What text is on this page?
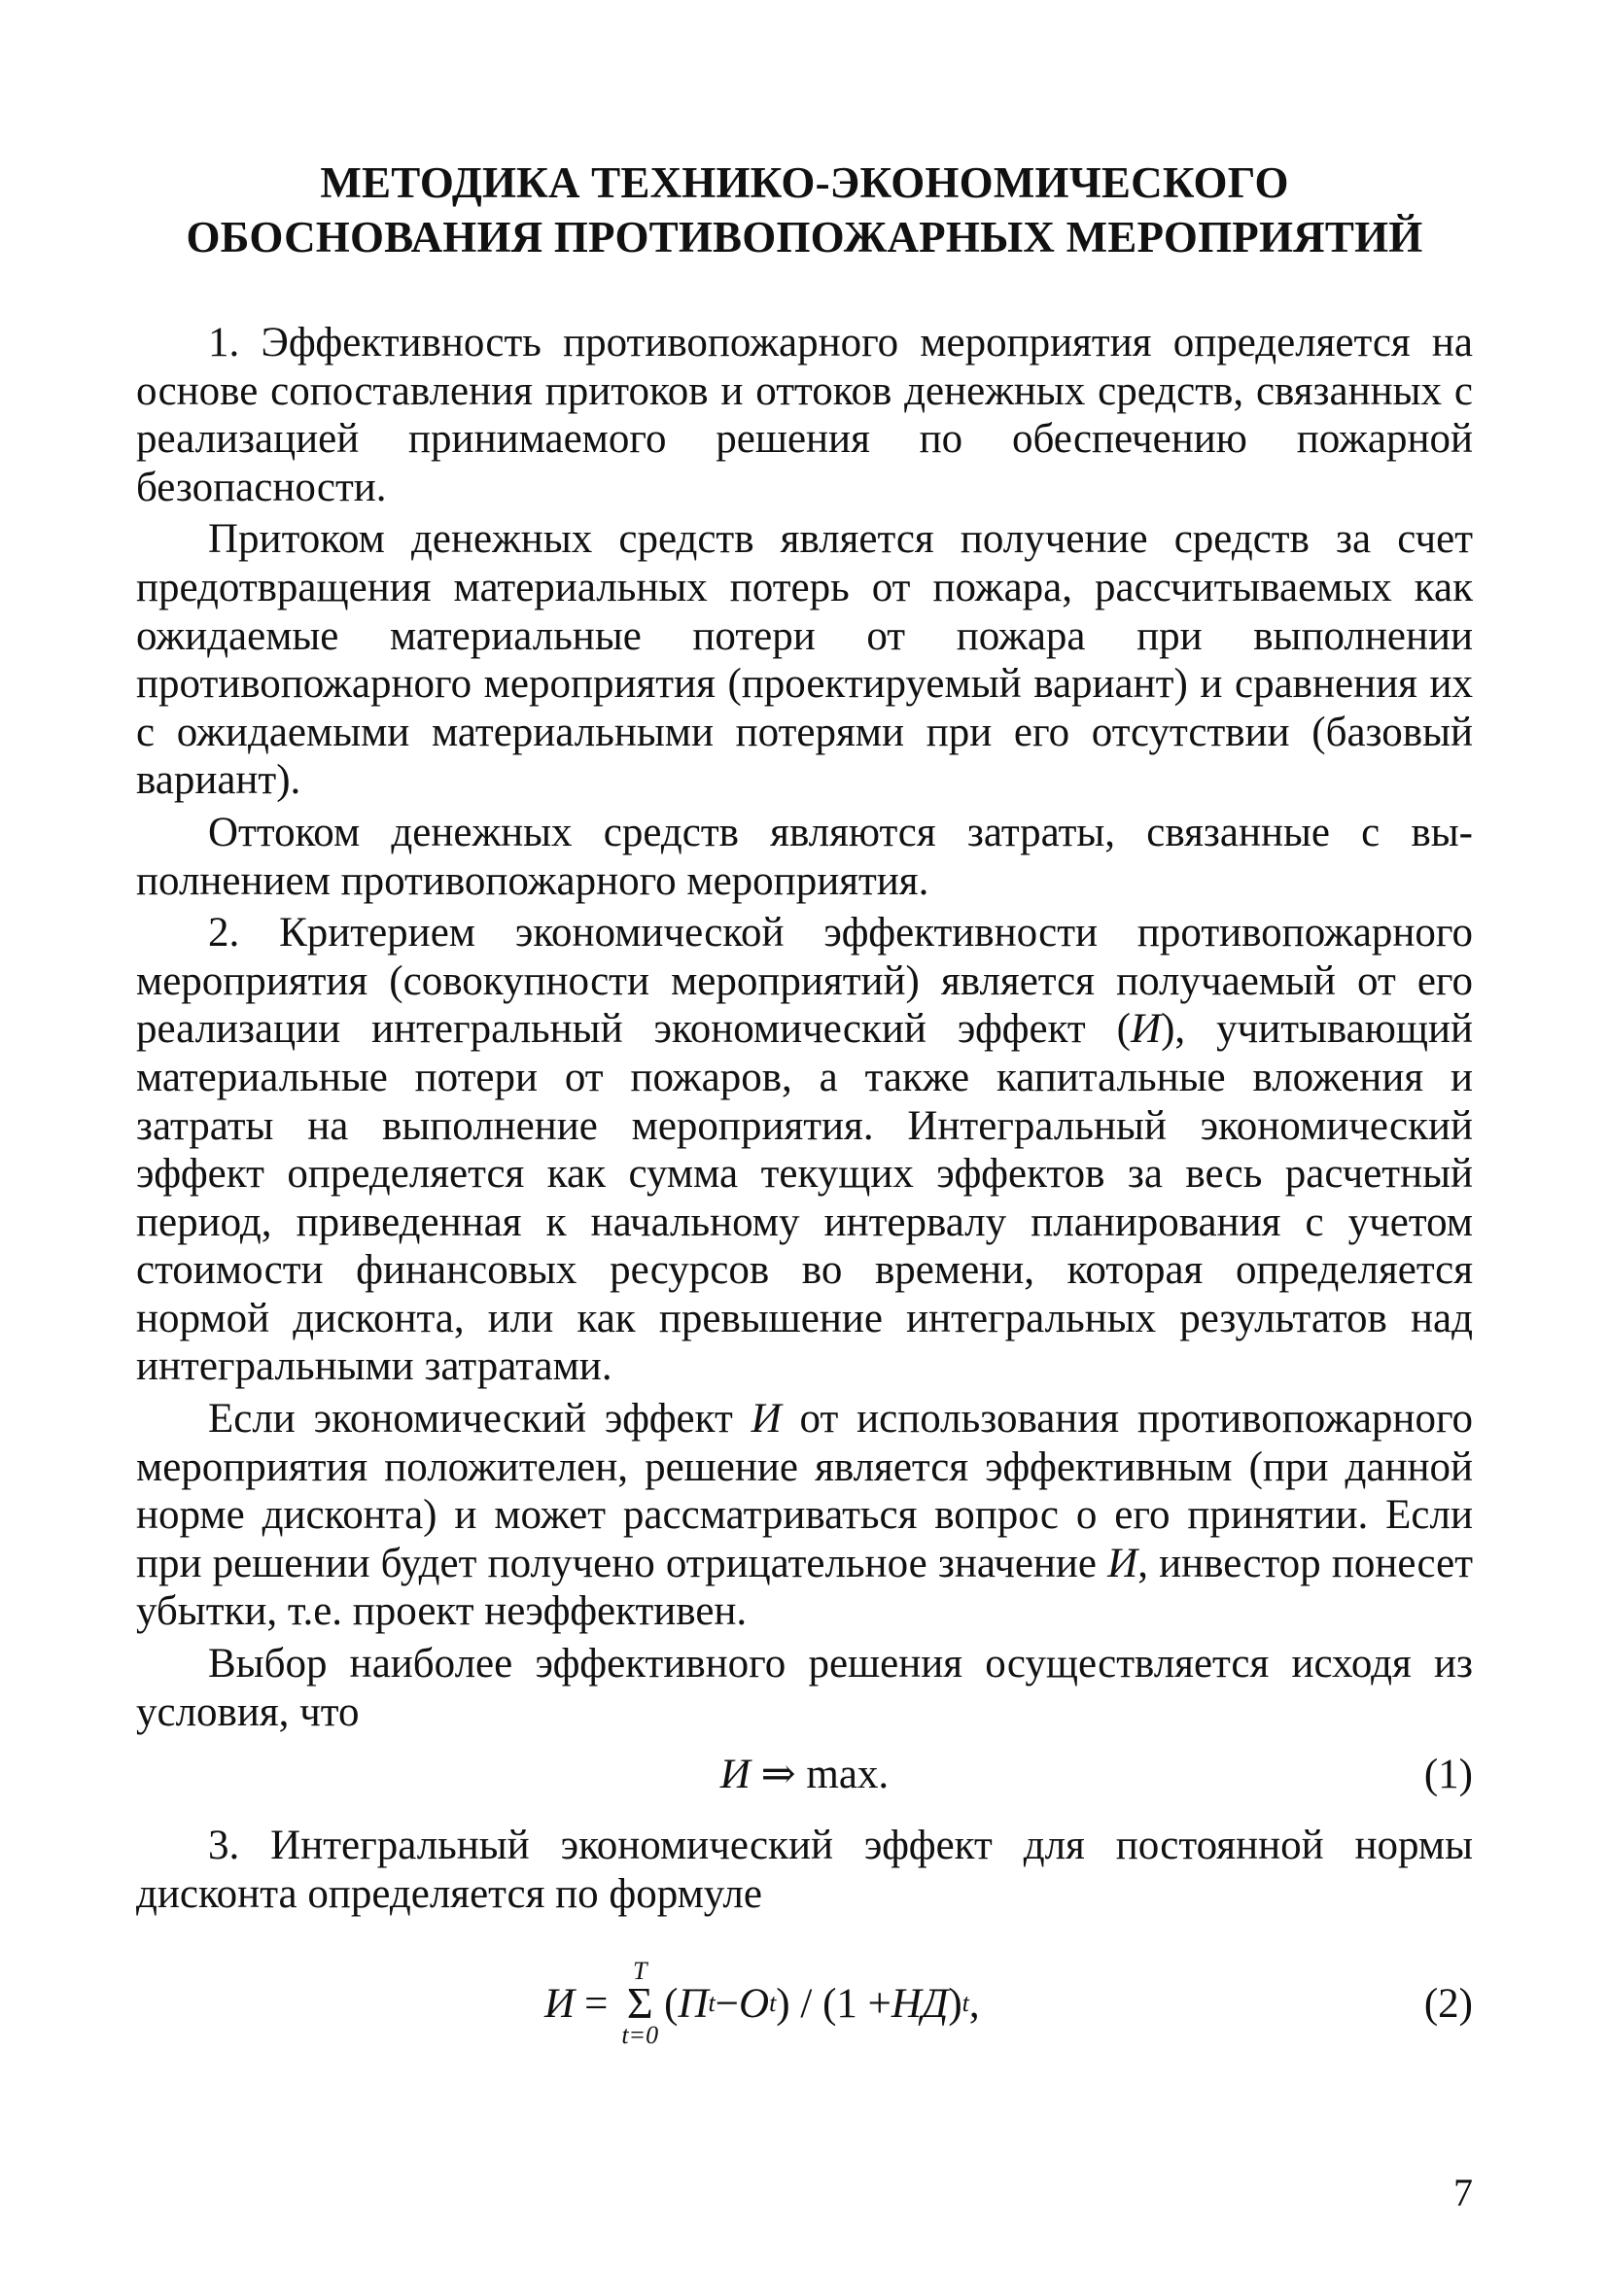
МЕТОДИКА ТЕХНИКО-ЭКОНОМИЧЕСКОГО
ОБОСНОВАНИЯ ПРОТИВОПОЖАРНЫХ МЕРОПРИЯТИЙ

1. Эффективность противопожарного мероприятия определяется на основе сопоставления притоков и оттоков денежных средств, связанных с реализацией принимаемого решения по обеспечению пожарной безопасности.

Притоком денежных средств является получение средств за счет предотвращения материальных потерь от пожара, рассчитываемых как ожидаемые материальные потери от пожара при выполнении противопожарного мероприятия (проектируемый вариант) и сравнения их с ожидаемыми материальными потерями при его отсутствии (базовый вариант).

Оттоком денежных средств являются затраты, связанные с выполнением противопожарного мероприятия.

2. Критерием экономической эффективности противопожарного мероприятия (совокупности мероприятий) является получаемый от его реализации интегральный экономический эффект (И), учитывающий материальные потери от пожаров, а также капитальные вложения и затраты на выполнение мероприятия. Интегральный экономический эффект определяется как сумма текущих эффектов за весь расчетный период, приведенная к начальному интервалу планирования с учетом стоимости финансовых ресурсов во времени, которая определяется нормой дисконта, или как превышение интегральных результатов над интегральными затратами.

Если экономический эффект И от использования противопожарного мероприятия положителен, решение является эффективным (при данной норме дисконта) и может рассматриваться вопрос о его принятии. Если при решении будет получено отрицательное значение И, инвестор понесет убытки, т.е. проект неэффективен.

Выбор наиболее эффективного решения осуществляется исходя из условия, что

И ⇒ max.	(1)

3. Интегральный экономический эффект для постоянной нормы дисконта определяется по формуле

И =
T
Σ
t=0
( П t − О t ) / (1 + НД ) t ,	(2)
7
